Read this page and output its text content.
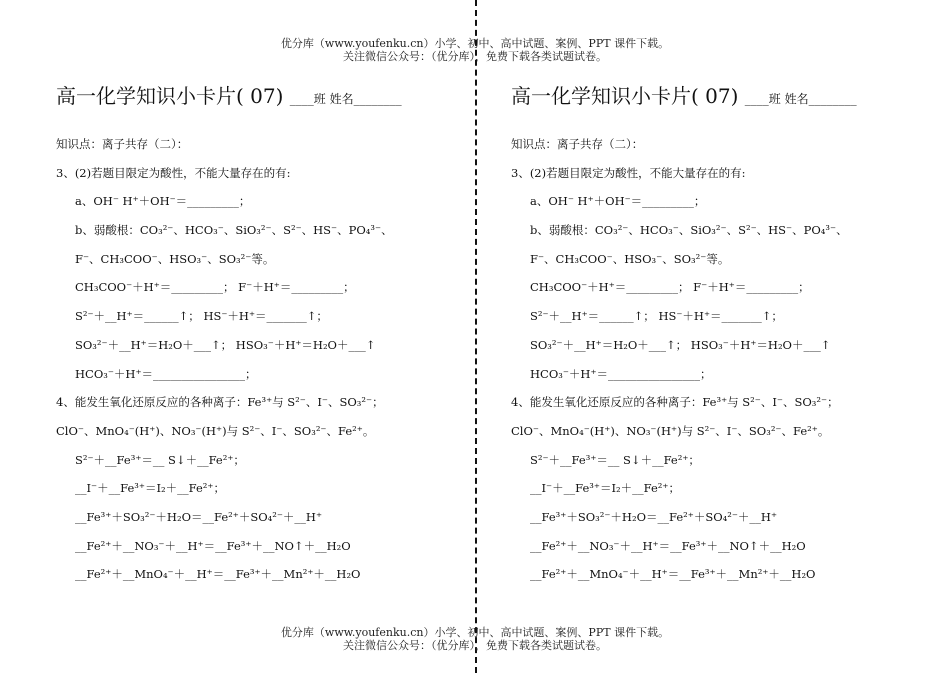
优分库（www.youfenku.cn）小学、初中、高中试题、案例、PPT 课件下载。
关注微信公众号：（优分库），免费下载各类试题试卷。
高一化学知识小卡片( 07) ____班 姓名________
知识点：离子共存（二）：
3、(2)若题目限定为酸性，不能大量存在的有:
a、OH⁻ H⁺＋OH⁻＝_________；
b、弱酸根：CO₃²⁻、HCO₃⁻、SiO₃²⁻、S²⁻、HS⁻、PO₄³⁻、
F⁻、CH₃COO⁻、HSO₃⁻、SO₃²⁻等。
CH₃COO⁻＋H⁺＝_________； F⁻＋H⁺＝_________；
S²⁻＋__H⁺＝______↑； HS⁻＋H⁺＝_______↑；
SO₃²⁻＋__H⁺＝H₂O＋___↑； HSO₃⁻＋H⁺＝H₂O＋___↑
HCO₃⁻＋H⁺＝________________；
4、能发生氧化还原反应的各种离子：Fe³⁺与 S²⁻、I⁻、SO₃²⁻；
ClO⁻、MnO₄⁻(H⁺)、NO₃⁻(H⁺)与 S²⁻、I⁻、SO₃²⁻、Fe²⁺。
S²⁻＋__Fe³⁺＝__ S↓＋__Fe²⁺；
__I⁻＋__Fe³⁺＝I₂＋__Fe²⁺；
__Fe³⁺＋SO₃²⁻＋H₂O＝__Fe²⁺＋SO₄²⁻＋__H⁺
__Fe²⁺＋__NO₃⁻＋__H⁺＝__Fe³⁺＋__NO↑＋__H₂O
__Fe²⁺＋__MnO₄⁻＋__H⁺＝__Fe³⁺＋__Mn²⁺＋__H₂O
高一化学知识小卡片( 07) ____班 姓名________
知识点：离子共存（二）：
3、(2)若题目限定为酸性，不能大量存在的有:
a、OH⁻ H⁺＋OH⁻＝_________；
b、弱酸根：CO₃²⁻、HCO₃⁻、SiO₃²⁻、S²⁻、HS⁻、PO₄³⁻、
F⁻、CH₃COO⁻、HSO₃⁻、SO₃²⁻等。
CH₃COO⁻＋H⁺＝_________； F⁻＋H⁺＝_________；
S²⁻＋__H⁺＝______↑； HS⁻＋H⁺＝_______↑；
SO₃²⁻＋__H⁺＝H₂O＋___↑； HSO₃⁻＋H⁺＝H₂O＋___↑
HCO₃⁻＋H⁺＝________________；
4、能发生氧化还原反应的各种离子：Fe³⁺与 S²⁻、I⁻、SO₃²⁻；
ClO⁻、MnO₄⁻(H⁺)、NO₃⁻(H⁺)与 S²⁻、I⁻、SO₃²⁻、Fe²⁺。
S²⁻＋__Fe³⁺＝__ S↓＋__Fe²⁺；
__I⁻＋__Fe³⁺＝I₂＋__Fe²⁺；
__Fe³⁺＋SO₃²⁻＋H₂O＝__Fe²⁺＋SO₄²⁻＋__H⁺
__Fe²⁺＋__NO₃⁻＋__H⁺＝__Fe³⁺＋__NO↑＋__H₂O
__Fe²⁺＋__MnO₄⁻＋__H⁺＝__Fe³⁺＋__Mn²⁺＋__H₂O
优分库（www.youfenku.cn）小学、初中、高中试题、案例、PPT 课件下载。
关注微信公众号：（优分库），免费下载各类试题试卷。
